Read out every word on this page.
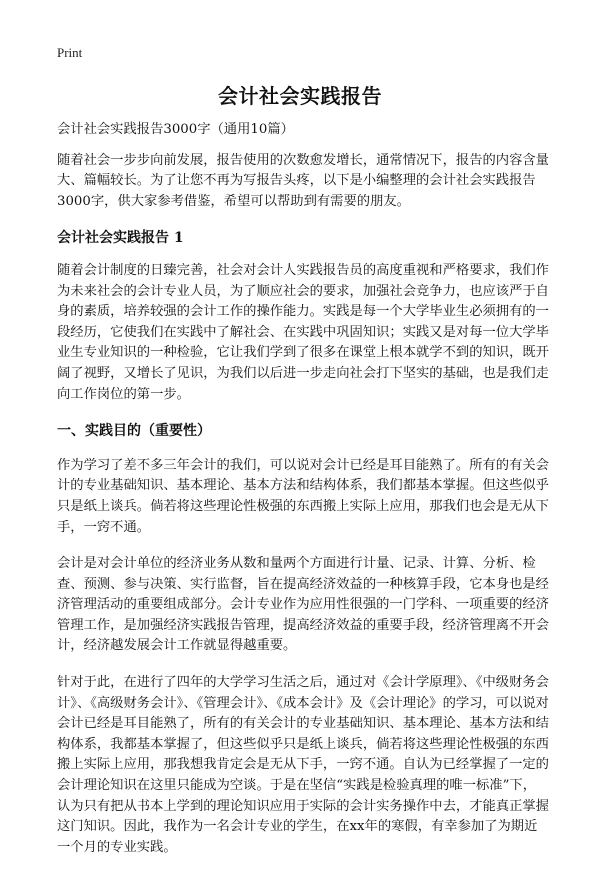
Print
会计社会实践报告

会计社会实践报告3000字（通用10篇）

随着社会一步步向前发展，报告使用的次数愈发增长，通常情况下，报告的内容含量大、篇幅较长。为了让您不再为写报告头疼，以下是小编整理的会计社会实践报告3000字，供大家参考借鉴，希望可以帮助到有需要的朋友。

会计社会实践报告 1

随着会计制度的日臻完善，社会对会计人实践报告员的高度重视和严格要求，我们作为未来社会的会计专业人员，为了顺应社会的要求，加强社会竞争力，也应该严于自身的素质，培养较强的会计工作的操作能力。实践是每一个大学毕业生必须拥有的一段经历，它使我们在实践中了解社会、在实践中巩固知识；实践又是对每一位大学毕业生专业知识的一种检验，它让我们学到了很多在课堂上根本就学不到的知识，既开阔了视野，又增长了见识，为我们以后进一步走向社会打下坚实的基础，也是我们走向工作岗位的第一步。

一、实践目的（重要性）

作为学习了差不多三年会计的我们，可以说对会计已经是耳目能熟了。所有的有关会计的专业基础知识、基本理论、基本方法和结构体系，我们都基本掌握。但这些似乎只是纸上谈兵。倘若将这些理论性极强的东西搬上实际上应用，那我们也会是无从下手，一窍不通。

会计是对会计单位的经济业务从数和量两个方面进行计量、记录、计算、分析、检查、预测、参与决策、实行监督，旨在提高经济效益的一种核算手段，它本身也是经济管理活动的重要组成部分。会计专业作为应用性很强的一门学科、一项重要的经济管理工作，是加强经济实践报告管理，提高经济效益的重要手段，经济管理离不开会计，经济越发展会计工作就显得越重要。

针对于此，在进行了四年的大学学习生活之后，通过对《会计学原理》、《中级财务会计》、《高级财务会计》、《管理会计》、《成本会计》及《会计理论》的学习，可以说对会计已经是耳目能熟了，所有的有关会计的专业基础知识、基本理论、基本方法和结构体系，我都基本掌握了，但这些似乎只是纸上谈兵，倘若将这些理论性极强的东西搬上实际上应用，那我想我肯定会是无从下手，一窍不通。自认为已经掌握了一定的会计理论知识在这里只能成为空谈。于是在坚信“实践是检验真理的唯一标准”下，认为只有把从书本上学到的理论知识应用于实际的会计实务操作中去，才能真正掌握这门知识。因此，我作为一名会计专业的学生，在xx年的寒假，有幸参加了为期近一个月的专业实践。
